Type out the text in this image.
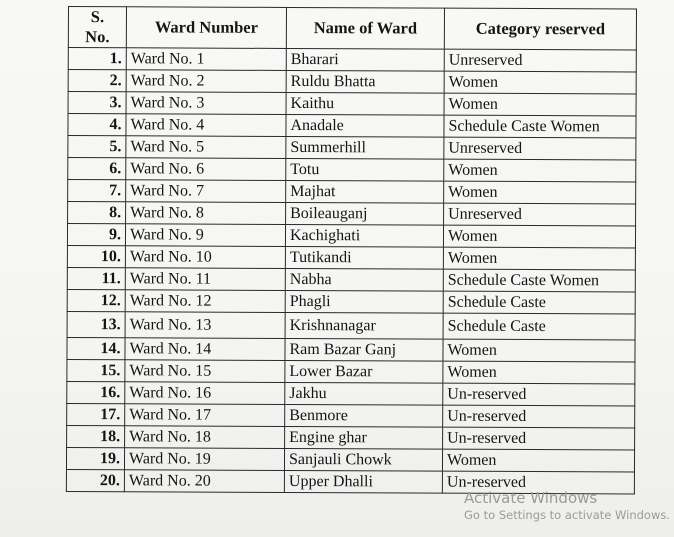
S.
No.	Ward Number	Name of Ward	Category reserved
1.	Ward No. 1	Bharari	Unreserved
2.	Ward No. 2	Ruldu Bhatta	Women
3.	Ward No. 3	Kaithu	Women
4.	Ward No. 4	Anadale	Schedule Caste Women
5.	Ward No. 5	Summerhill	Unreserved
6.	Ward No. 6	Totu	Women
7.	Ward No. 7	Majhat	Women
8.	Ward No. 8	Boileauganj	Unreserved
9.	Ward No. 9	Kachighati	Women
10.	Ward No. 10	Tutikandi	Women
11.	Ward No. 11	Nabha	Schedule Caste Women
12.	Ward No. 12	Phagli	Schedule Caste
13.	Ward No. 13	Krishnanagar	Schedule Caste
14.	Ward No. 14	Ram Bazar Ganj	Women
15.	Ward No. 15	Lower Bazar	Women
16.	Ward No. 16	Jakhu	Un-reserved
17.	Ward No. 17	Benmore	Un-reserved
18.	Ward No. 18	Engine ghar	Un-reserved
19.	Ward No. 19	Sanjauli Chowk	Women
20.	Ward No. 20	Upper Dhalli	Un-reserved
Activate Windows
Go to Settings to activate Windows.
